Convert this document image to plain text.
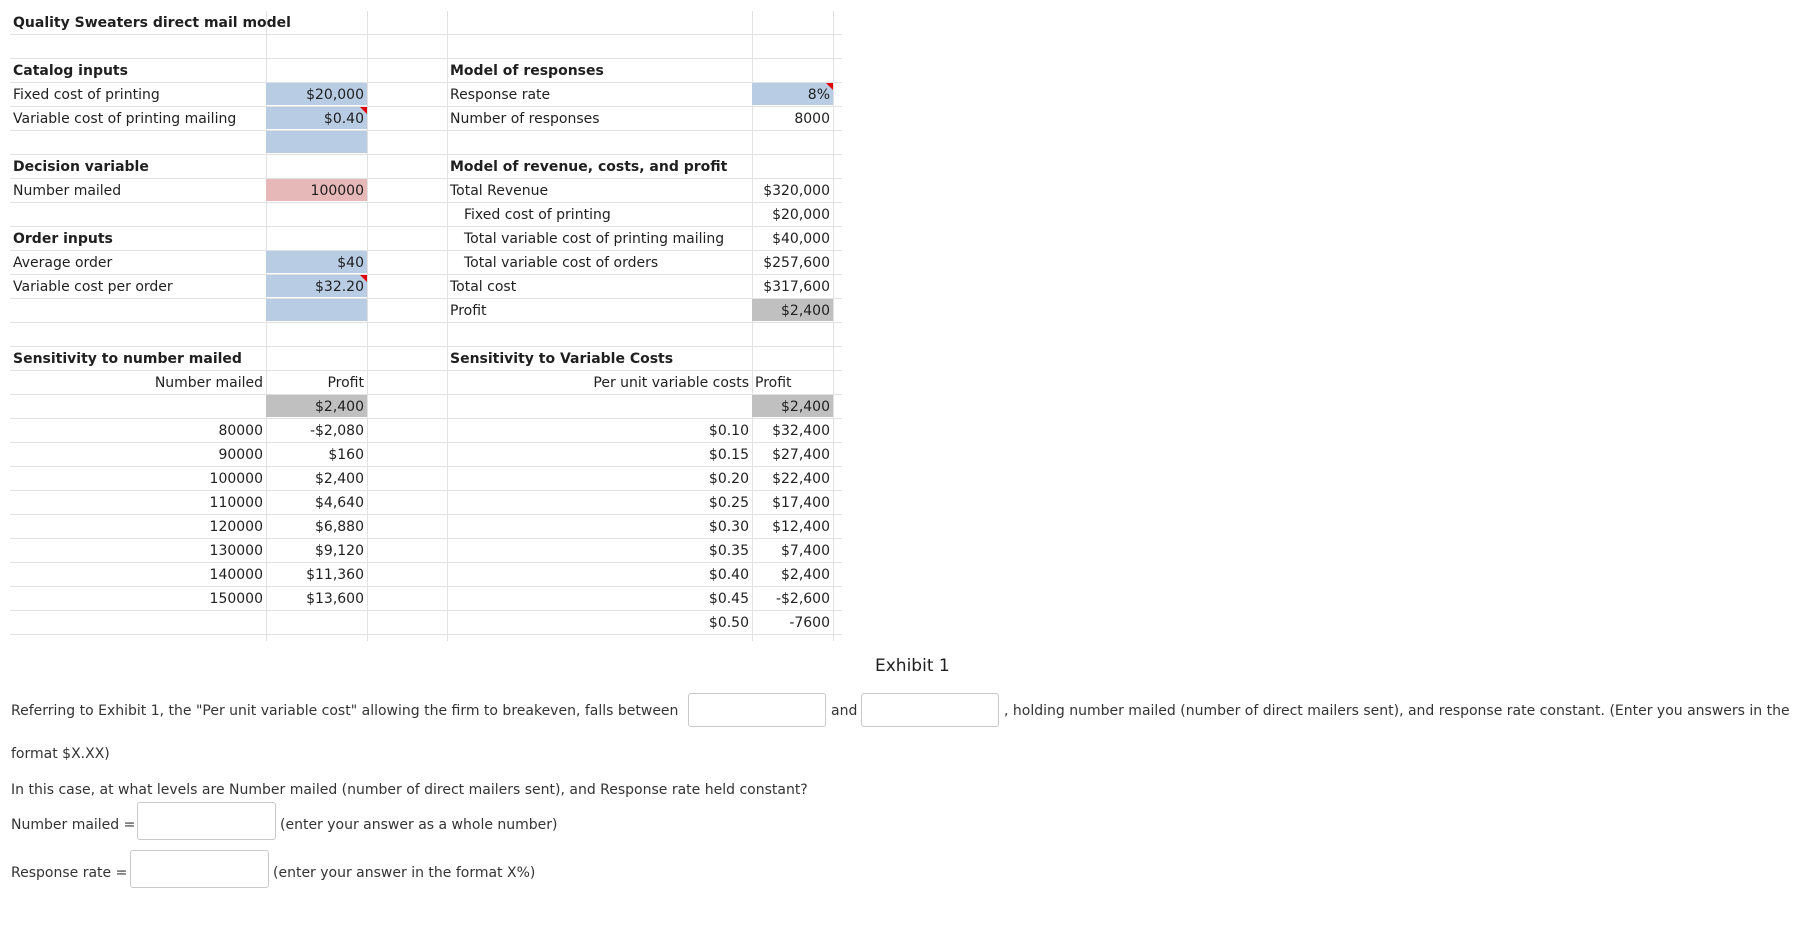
Quality Sweaters direct mail model
Catalog inputs
Fixed cost of printing	$20,000
Variable cost of printing mailing	$0.40
Model of responses
Response rate	8%
Number of responses	8000
Decision variable
Number mailed	100000
Model of revenue, costs, and profit
Total Revenue	$320,000
Fixed cost of printing	$20,000
Total variable cost of printing mailing	$40,000
Total variable cost of orders	$257,600
Total cost	$317,600
Profit	$2,400
Order inputs
Average order	$40
Variable cost per order	$32.20
Sensitivity to number mailed
Number mailed	Profit
$2,400
80000	-$2,080
90000	$160
100000	$2,400
110000	$4,640
120000	$6,880
130000	$9,120
140000	$11,360
150000	$13,600
Sensitivity to Variable Costs
Per unit variable costs Profit
$2,400
$0.10	$32,400
$0.15	$27,400
$0.20	$22,400
$0.25	$17,400
$0.30	$12,400
$0.35	$7,400
$0.40	$2,400
$0.45	-$2,600
$0.50	-7600
Exhibit 1
Referring to Exhibit 1, the "Per unit variable cost" allowing the firm to breakeven, falls between	and	, holding number mailed (number of direct mailers sent), and response rate constant. (Enter you answers in the
format $X.XX)
In this case, at what levels are Number mailed (number of direct mailers sent), and Response rate held constant?
Number mailed =	(enter your answer as a whole number)
Response rate =	(enter your answer in the format X%)
